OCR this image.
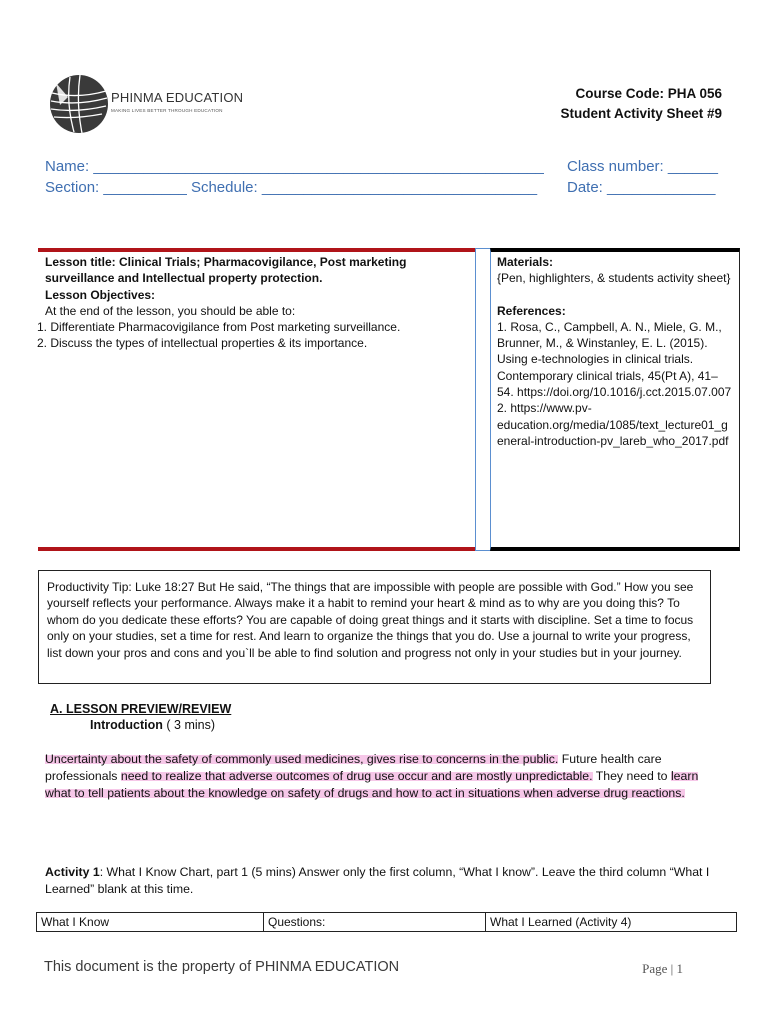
PHINMA EDUCATION
MAKING LIVES BETTER THROUGH EDUCATION
Course Code: PHA 056
Student Activity Sheet #9
Name: ______________________________________________________ Class number: ______
Section: __________ Schedule: _________________________________ Date: _____________
Lesson title: Clinical Trials; Pharmacovigilance, Post marketing surveillance and Intellectual property protection.
Lesson Objectives:
At the end of the lesson, you should be able to:
1. Differentiate Pharmacovigilance from Post marketing surveillance.
2. Discuss the types of intellectual properties & its importance.
Materials:
{Pen, highlighters, & students activity sheet}
References:
1. Rosa, C., Campbell, A. N., Miele, G. M., Brunner, M., & Winstanley, E. L. (2015). Using e-technologies in clinical trials. Contemporary clinical trials, 45(Pt A), 41–54. https://doi.org/10.1016/j.cct.2015.07.007
2. https://www.pv-education.org/media/1085/text_lecture01_general-introduction-pv_lareb_who_2017.pdf
Productivity Tip: Luke 18:27 But He said, “The things that are impossible with people are possible with God.” How you see yourself reflects your performance. Always make it a habit to remind your heart & mind as to why are you doing this? To whom do you dedicate these efforts? You are capable of doing great things and it starts with discipline. Set a time to focus only on your studies, set a time for rest. And learn to organize the things that you do. Use a journal to write your progress, list down your pros and cons and you`ll be able to find solution and progress not only in your studies but in your journey.
A. LESSON PREVIEW/REVIEW
Introduction ( 3 mins)
Uncertainty about the safety of commonly used medicines, gives rise to concerns in the public. Future health care professionals need to realize that adverse outcomes of drug use occur and are mostly unpredictable. They need to learn what to tell patients about the knowledge on safety of drugs and how to act in situations when adverse drug reactions.
Activity 1: What I Know Chart, part 1 (5 mins) Answer only the first column, “What I know”. Leave the third column “What I Learned” blank at this time.
What I Know	Questions:	What I Learned (Activity 4)
This document is the property of PHINMA EDUCATION	Page | 1
